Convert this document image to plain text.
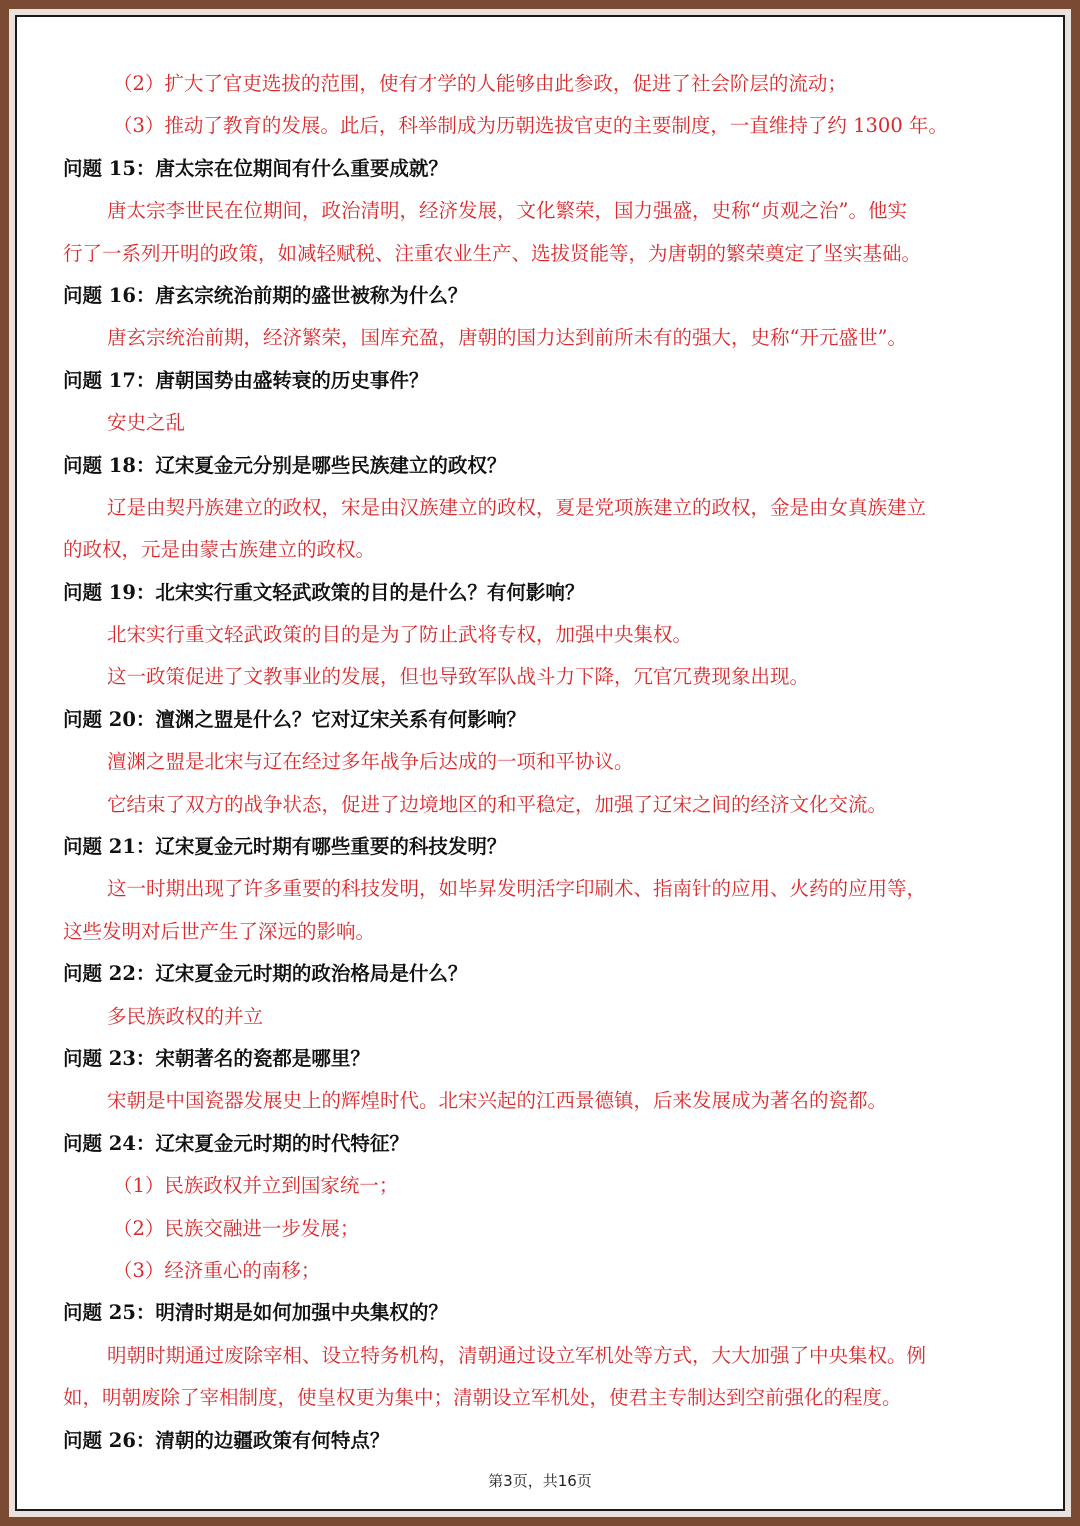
（2）扩大了官吏选拔的范围，使有才学的人能够由此参政，促进了社会阶层的流动；
（3）推动了教育的发展。此后，科举制成为历朝选拔官吏的主要制度，一直维持了约 1300 年。
问题 15：唐太宗在位期间有什么重要成就？
唐太宗李世民在位期间，政治清明，经济发展，文化繁荣，国力强盛，史称“贞观之治”。他实
行了一系列开明的政策，如减轻赋税、注重农业生产、选拔贤能等，为唐朝的繁荣奠定了坚实基础。
问题 16：唐玄宗统治前期的盛世被称为什么？
唐玄宗统治前期，经济繁荣，国库充盈，唐朝的国力达到前所未有的强大，史称“开元盛世”。
问题 17：唐朝国势由盛转衰的历史事件？
安史之乱
问题 18：辽宋夏金元分别是哪些民族建立的政权？
辽是由契丹族建立的政权，宋是由汉族建立的政权，夏是党项族建立的政权，金是由女真族建立
的政权，元是由蒙古族建立的政权。
问题 19：北宋实行重文轻武政策的目的是什么？有何影响？
北宋实行重文轻武政策的目的是为了防止武将专权，加强中央集权。
这一政策促进了文教事业的发展，但也导致军队战斗力下降，冗官冗费现象出现。
问题 20：澶渊之盟是什么？它对辽宋关系有何影响？
澶渊之盟是北宋与辽在经过多年战争后达成的一项和平协议。
它结束了双方的战争状态，促进了边境地区的和平稳定，加强了辽宋之间的经济文化交流。
问题 21：辽宋夏金元时期有哪些重要的科技发明？
这一时期出现了许多重要的科技发明，如毕昇发明活字印刷术、指南针的应用、火药的应用等，
这些发明对后世产生了深远的影响。
问题 22：辽宋夏金元时期的政治格局是什么？
多民族政权的并立
问题 23：宋朝著名的瓷都是哪里？
宋朝是中国瓷器发展史上的辉煌时代。北宋兴起的江西景德镇，后来发展成为著名的瓷都。
问题 24：辽宋夏金元时期的时代特征？
（1）民族政权并立到国家统一；
（2）民族交融进一步发展；
（3）经济重心的南移；
问题 25：明清时期是如何加强中央集权的？
明朝时期通过废除宰相、设立特务机构，清朝通过设立军机处等方式，大大加强了中央集权。例
如，明朝废除了宰相制度，使皇权更为集中；清朝设立军机处，使君主专制达到空前强化的程度。
问题 26：清朝的边疆政策有何特点？
第3页，共16页
